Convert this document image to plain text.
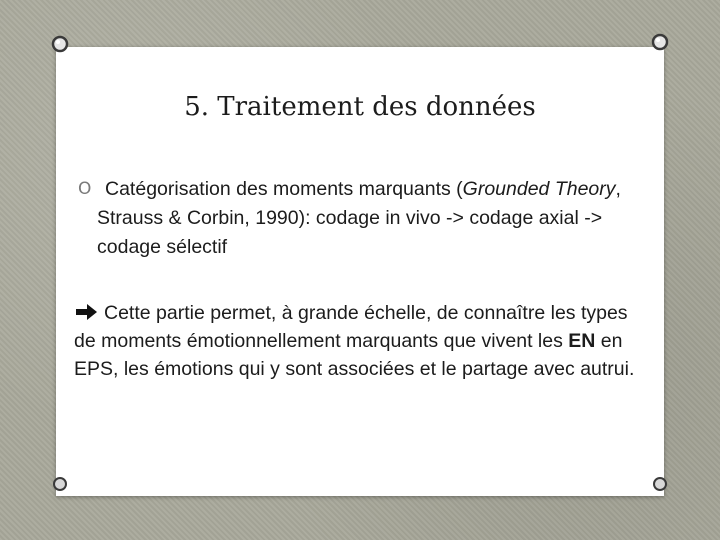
5. Traitement des données
O Catégorisation des moments marquants (Grounded Theory, Strauss & Corbin, 1990): codage in vivo -> codage axial -> codage sélectif
Cette partie permet, à grande échelle, de connaître les types de moments émotionnellement marquants que vivent les EN en EPS, les émotions qui y sont associées et le partage avec autrui.
